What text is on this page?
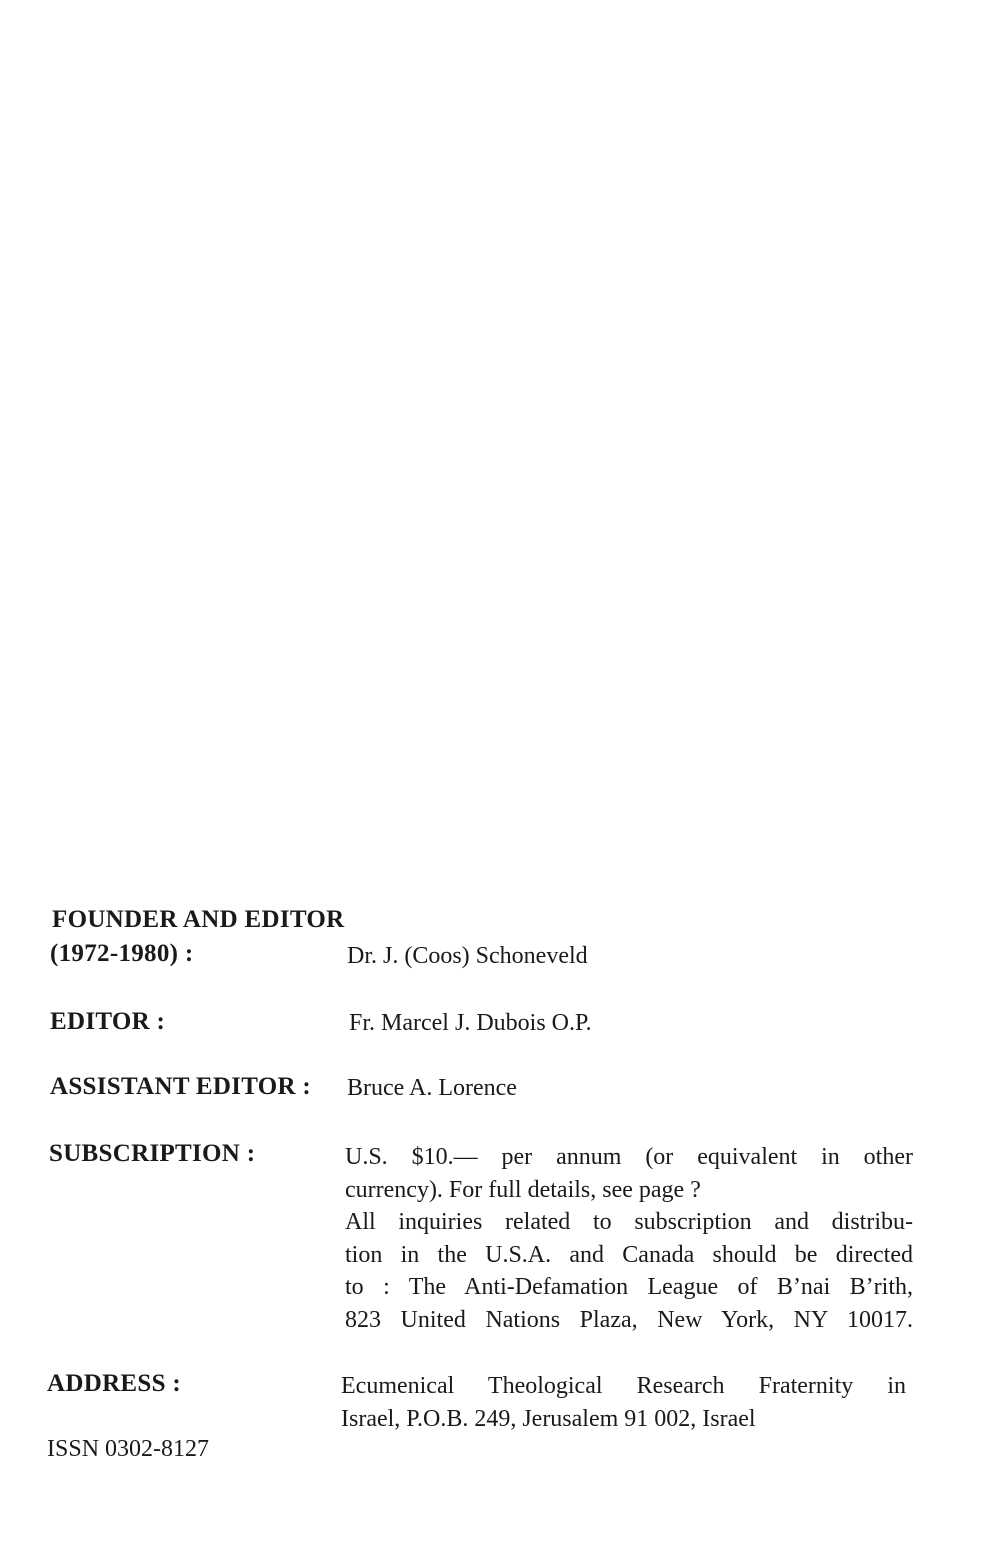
FOUNDER AND EDITOR
(1972-1980) :	Dr. J. (Coos) Schoneveld
EDITOR :	Fr. Marcel J. Dubois O.P.
ASSISTANT EDITOR : Bruce A. Lorence
SUBSCRIPTION :	U.S. $10.— per annum (or equivalent in other
currency). For full details, see page ?
All inquiries related to subscription and distribu-
tion in the U.S.A. and Canada should be directed
to : The Anti-Defamation League of B’nai B’rith,
823 United Nations Plaza, New York, NY 10017.
ADDRESS :	Ecumenical Theological Research Fraternity in
Israel, P.O.B. 249, Jerusalem 91 002, Israel
ISSN 0302-8127
